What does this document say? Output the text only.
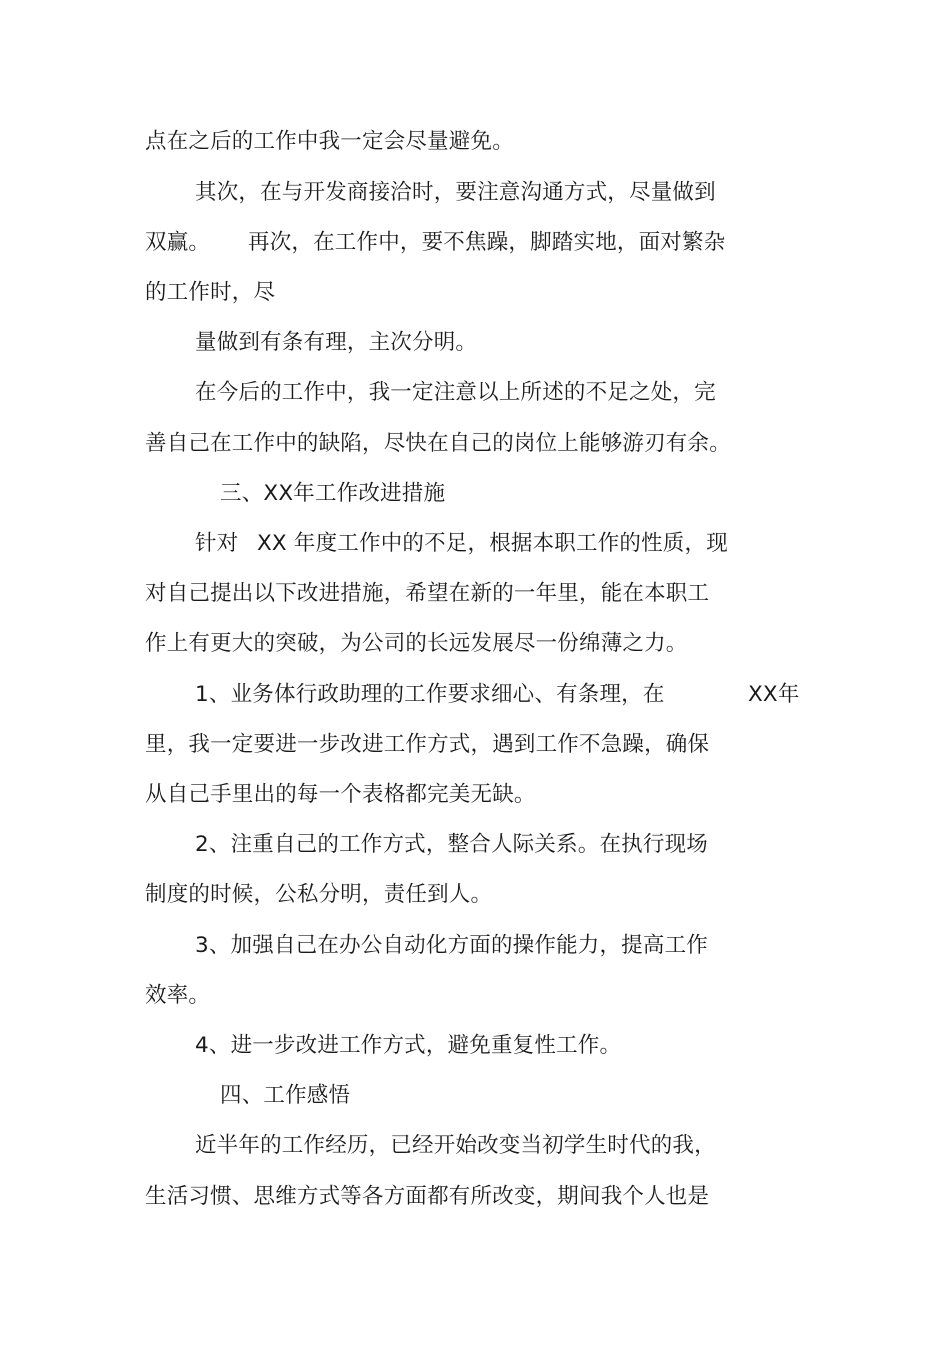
点在之后的工作中我一定会尽量避免。
其次，在与开发商接洽时，要注意沟通方式，尽量做到
双赢。 再次，在工作中，要不焦躁，脚踏实地，面对繁杂
的工作时，尽
量做到有条有理，主次分明。
在今后的工作中，我一定注意以上所述的不足之处，完
善自己在工作中的缺陷，尽快在自己的岗位上能够游刃有余。
三、XX年工作改进措施
针对 XX 年度工作中的不足，根据本职工作的性质，现
对自己提出以下改进措施，希望在新的一年里，能在本职工
作上有更大的突破，为公司的长远发展尽一份绵薄之力。
1、业务体行政助理的工作要求细心、有条理，在	XX年
里，我一定要进一步改进工作方式，遇到工作不急躁，确保
从自己手里出的每一个表格都完美无缺。
2、注重自己的工作方式，整合人际关系。在执行现场
制度的时候，公私分明，责任到人。
3、加强自己在办公自动化方面的操作能力，提高工作
效率。
4、进一步改进工作方式，避免重复性工作。
四、工作感悟
近半年的工作经历，已经开始改变当初学生时代的我，
生活习惯、思维方式等各方面都有所改变，期间我个人也是
